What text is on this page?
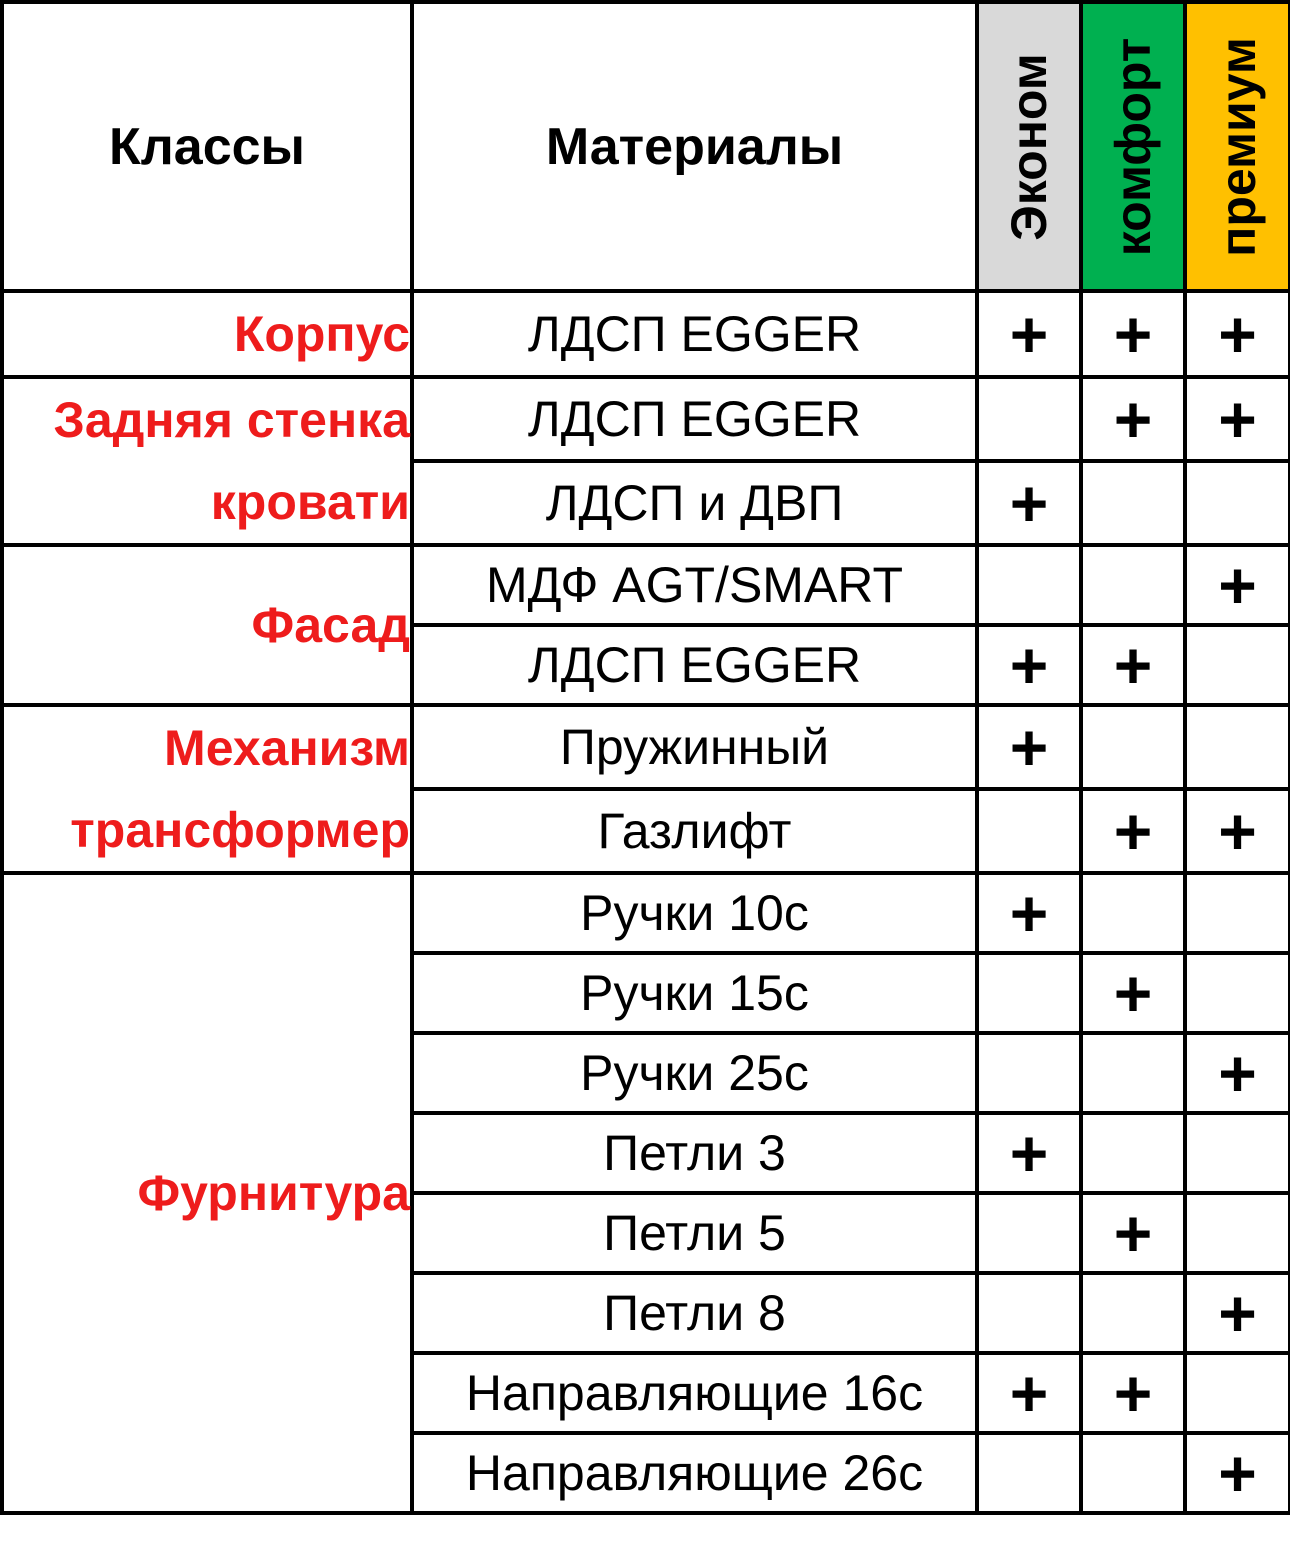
Классы	Материалы	Эконом	комфорт	премиум

Корпус	ЛДСП EGGER	+	+	+
Задняя стенка кровати	ЛДСП EGGER		+	+
	ЛДСП и ДВП	+		
Фасад	МДФ AGT/SMART			+
	ЛДСП EGGER	+	+	
Механизм трансформер	Пружинный	+		
	Газлифт		+	+
Фурнитура	Ручки 10с	+		
	Ручки 15с		+	
	Ручки 25с			+
	Петли 3	+		
	Петли 5		+	
	Петли 8			+
	Направляющие 16с	+	+	
	Направляющие 26с			+
